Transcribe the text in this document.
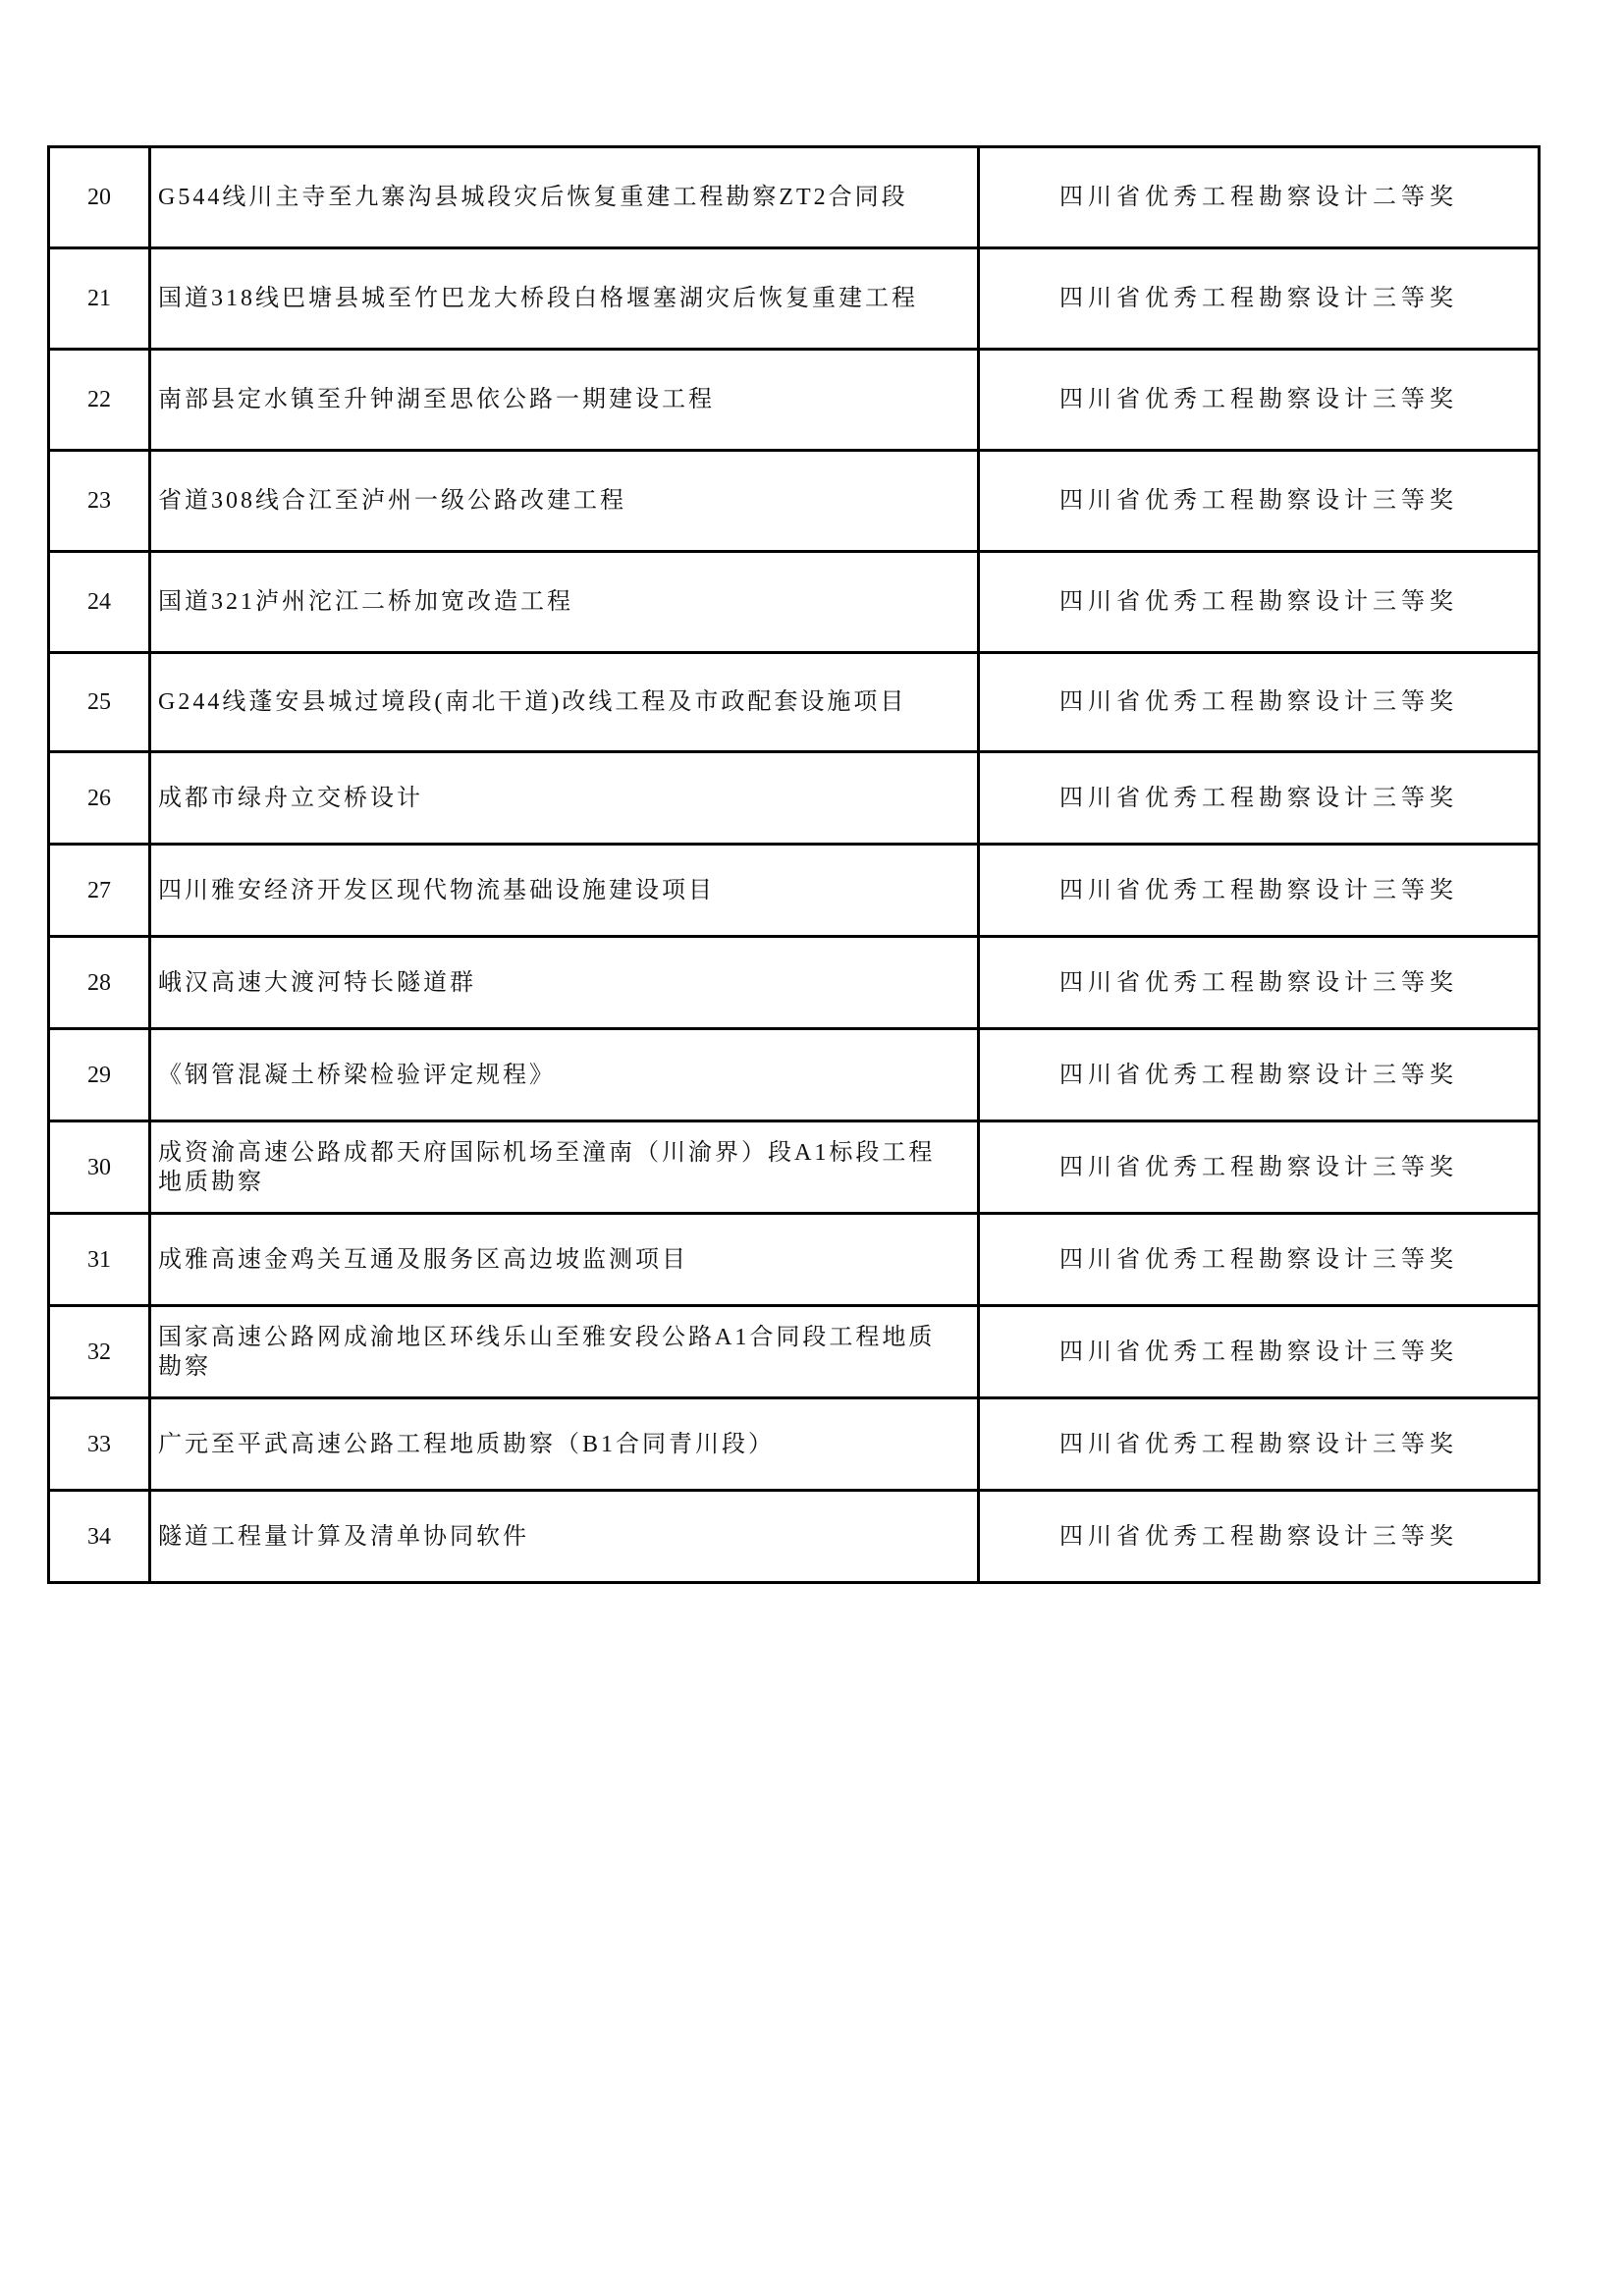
20	G544线川主寺至九寨沟县城段灾后恢复重建工程勘察ZT2合同段	四川省优秀工程勘察设计二等奖
21	国道318线巴塘县城至竹巴龙大桥段白格堰塞湖灾后恢复重建工程	四川省优秀工程勘察设计三等奖
22	南部县定水镇至升钟湖至思依公路一期建设工程	四川省优秀工程勘察设计三等奖
23	省道308线合江至泸州一级公路改建工程	四川省优秀工程勘察设计三等奖
24	国道321泸州沱江二桥加宽改造工程	四川省优秀工程勘察设计三等奖
25	G244线蓬安县城过境段(南北干道)改线工程及市政配套设施项目	四川省优秀工程勘察设计三等奖
26	成都市绿舟立交桥设计	四川省优秀工程勘察设计三等奖
27	四川雅安经济开发区现代物流基础设施建设项目	四川省优秀工程勘察设计三等奖
28	峨汉高速大渡河特长隧道群	四川省优秀工程勘察设计三等奖
29	《钢管混凝土桥梁检验评定规程》	四川省优秀工程勘察设计三等奖
30	成资渝高速公路成都天府国际机场至潼南（川渝界）段A1标段工程地质勘察	四川省优秀工程勘察设计三等奖
31	成雅高速金鸡关互通及服务区高边坡监测项目	四川省优秀工程勘察设计三等奖
32	国家高速公路网成渝地区环线乐山至雅安段公路A1合同段工程地质勘察	四川省优秀工程勘察设计三等奖
33	广元至平武高速公路工程地质勘察（B1合同青川段）	四川省优秀工程勘察设计三等奖
34	隧道工程量计算及清单协同软件	四川省优秀工程勘察设计三等奖
